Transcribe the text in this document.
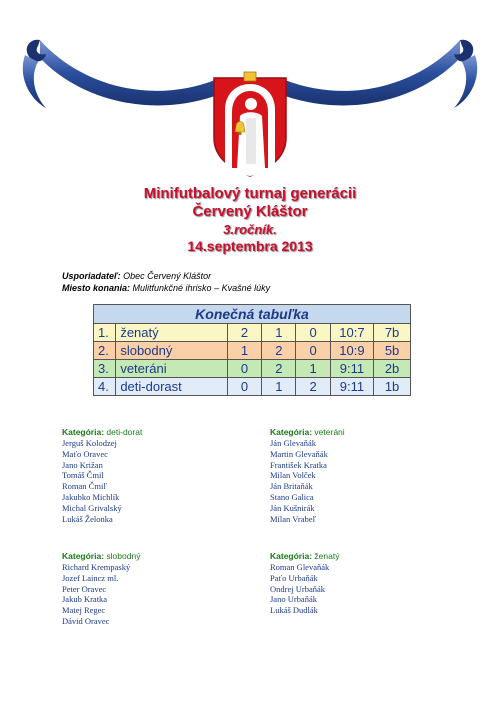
Minifutbalový turnaj generácii
Červený Kláštor
3.ročník.
14.septembra 2013
Usporiadateľ: Obec Červený Kláštor
Miesto konania: Mulitfunkčné ihrisko – Kvašné lúky
Konečná tabuľka						
1.	ženatý	2	1	0	10:7	7b
2.	slobodný	1	2	0	10:9	5b
3.	veteráni	0	2	1	9:11	2b
4.	deti-dorast	0	1	2	9:11	1b
Kategória: deti-dorat
Jerguš Kolodzej
Maťo Oravec
Jano Križan
Tomáš Čmil
Roman Čmiľ
Jakubko Michlík
Michal Grivalský
Lukáš Želonka
Kategória: veteráni
Ján Glevaňák
Martin Glevaňák
František Kratka
Milan Volček
Ján Britaňák
Stano Galica
Ján Kušnirák
Milan Vrabeľ
Kategória: slobodný
Richard Krempaský
Jozef Laincz ml.
Peter Oravec
Jakub Kratka
Matej Regec
Dávid Oravec
Kategória: ženatý
Roman Glevaňák
Paťo Urbaňák
Ondrej Urbaňák
Jano Urbaňák
Lukáš Dudlák
